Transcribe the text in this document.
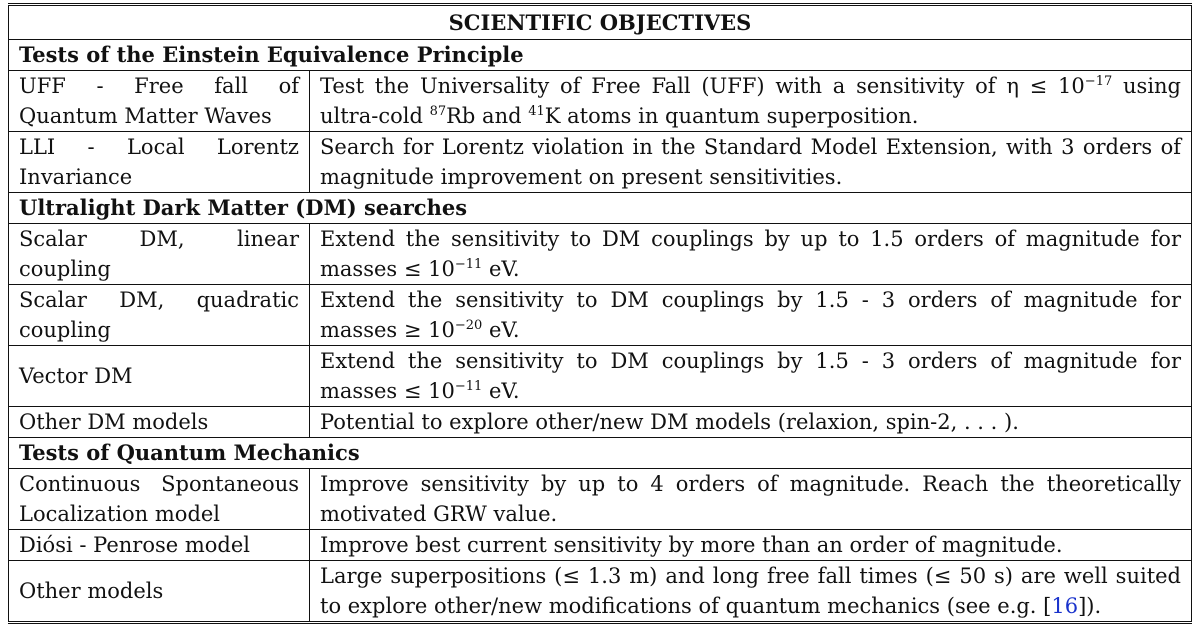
SCIENTIFIC OBJECTIVES	
Tests of the Einstein Equivalence Principle	
UFF - Free fall of Quantum Matter Waves	Test the Universality of Free Fall (UFF) with a sensitivity of $\eta \le 10^{-17}$ using ultra-cold $^{87}$Rb and $^{41}$K atoms in quantum superposition.
LLI - Local Lorentz Invariance	Search for Lorentz violation in the Standard Model Extension, with 3 orders of magnitude improvement on present sensitivities.
Ultralight Dark Matter (DM) searches	
Scalar DM, linear coupling	Extend the sensitivity to DM couplings by up to 1.5 orders of magnitude for masses ≤ $10^{-11}$ eV.
Scalar DM, quadratic coupling	Extend the sensitivity to DM couplings by 1.5 - 3 orders of magnitude for masses ≥ $10^{-20}$ eV.
Vector DM	Extend the sensitivity to DM couplings by 1.5 - 3 orders of magnitude for masses ≤ $10^{-11}$ eV.
Other DM models	Potential to explore other/new DM models (relaxion, spin-2, . . . ).
Tests of Quantum Mechanics	
Continuous Spontaneous Localization model	Improve sensitivity by up to 4 orders of magnitude. Reach the theoretically motivated GRW value.
Diósi - Penrose model	Improve best current sensitivity by more than an order of magnitude.
Other models	Large superpositions (≤ 1.3 m) and long free fall times (≤ 50 s) are well suited to explore other/new modifications of quantum mechanics (see e.g. [16]).
